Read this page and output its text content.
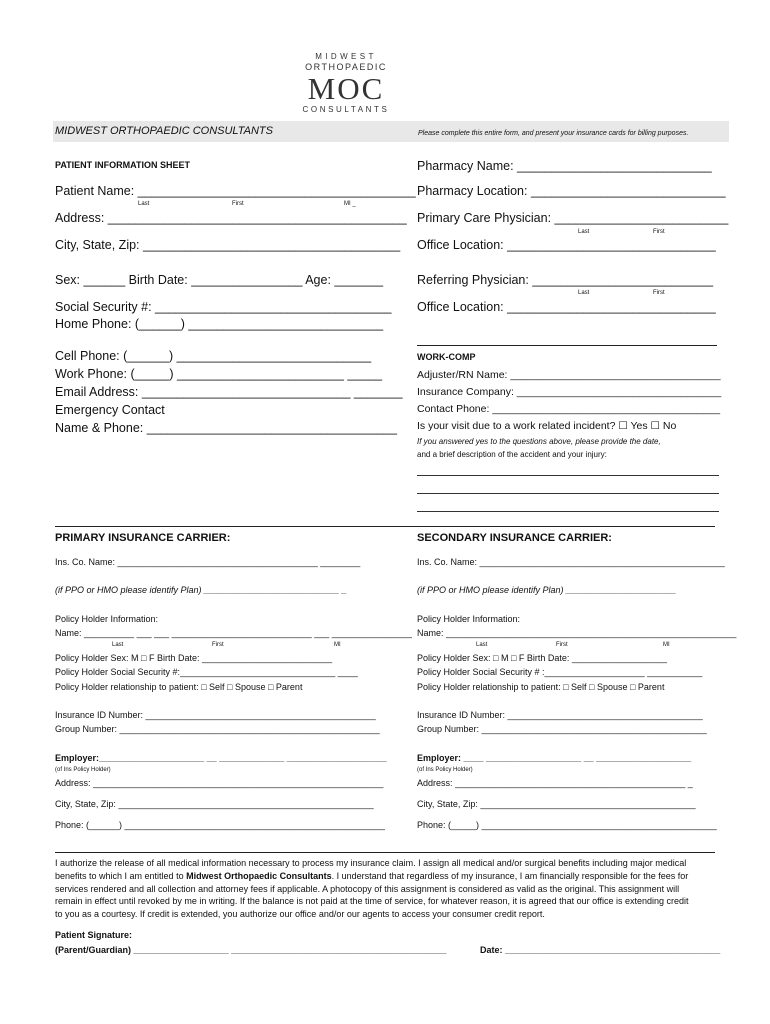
MIDWEST
ORTHOPAEDIC
MOC
CONSULTANTS
MIDWEST ORTHOPAEDIC CONSULTANTS	Please complete this entire form, and present your insurance cards for billing purposes.
PATIENT INFORMATION SHEET
Patient Name: ________________________________________
Last	First	MI _
Address: ___________________________________________
City, State, Zip: _____________________________________
Sex: ______ Birth Date: ________________ Age: _______
Social Security #: __________________________________
Home Phone: (______) ____________________________
Cell Phone: (______) ____________________________
Work Phone: (_____) ________________________ _____
Email Address: ______________________________ _______
Emergency Contact
Name & Phone: ____________________________________
Pharmacy Name: ____________________________
Pharmacy Location: ____________________________
Primary Care Physician: _________________________
Last	First
Office Location: ______________________________
Referring Physician: __________________________
Last	First
Office Location: ______________________________
WORK-COMP
Adjuster/RN Name: ____________________________________
Insurance Company: ___________________________________
Contact Phone: _______________________________________
Is your visit due to a work related incident? ☐ Yes ☐ No
If you answered yes to the questions above, please provide the date,
and a brief description of the accident and your injury:
PRIMARY INSURANCE CARRIER:
Ins. Co. Name: ________________________________________ ________
(if PPO or HMO please identify Plan) ___________________________ _
Policy Holder Information:
Name: __________ ___ ___ ____________________________ ___ ________________
Last	First	MI
Policy Holder Sex: M □ F Birth Date: __________________________
Policy Holder Social Security #:_______________________________ ____
Policy Holder relationship to patient: □ Self □ Spouse □ Parent
Insurance ID Number: ______________________________________________
Group Number: ____________________________________________________
Employer:_____________________ __ _____________ ____________________
(of Ins Policy Holder)
Address: __________________________________________________________
City, State, Zip: ___________________________________________________
Phone: (______) ____________________________________________________
SECONDARY INSURANCE CARRIER:
Ins. Co. Name: _________________________________________________
(if PPO or HMO please identify Plan) ______________________
Policy Holder Information:
Name: __________________________________________________________
Last	First	MI
Policy Holder Sex: □ M □ F Birth Date: ___________________
Policy Holder Social Security # :____________________ ___________
Policy Holder relationship to patient: □ Self □ Spouse □ Parent
Insurance ID Number: _______________________________________
Group Number: _____________________________________________
Employer: ____ ___________________ __ ___________________
(of Ins Policy Holder)
Address: ______________________________________________ _
City, State, Zip: ___________________________________________
Phone: (_____) _______________________________________________
I authorize the release of all medical information necessary to process my insurance claim. I assign all medical and/or surgical benefits including major medical
benefits to which I am entitled to Midwest Orthopaedic Consultants. I understand that regardless of my insurance, I am financially responsible for the fees for
services rendered and all collection and attorney fees if applicable. A photocopy of this assignment is considered as valid as the original. This assignment will
remain in effect until revoked by me in writing. If the balance is not paid at the time of service, for whatever reason, it is agreed that our office is extending credit
to you as a courtesy. If credit is extended, you authorize our office and/or our agents to access your consumer credit report.
Patient Signature:
(Parent/Guardian) ___________________ ___________________________________________	Date: ___________________________________________
